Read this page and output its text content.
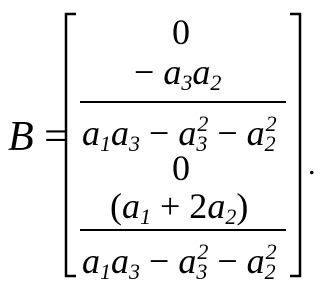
B =
0
− $a_3a_2$
$a_1a_3 - a_3^2 - a_2^2$
0
$(a_1 + 2a_2)$
$a_1a_3 - a_3^2 - a_2^2$
.
